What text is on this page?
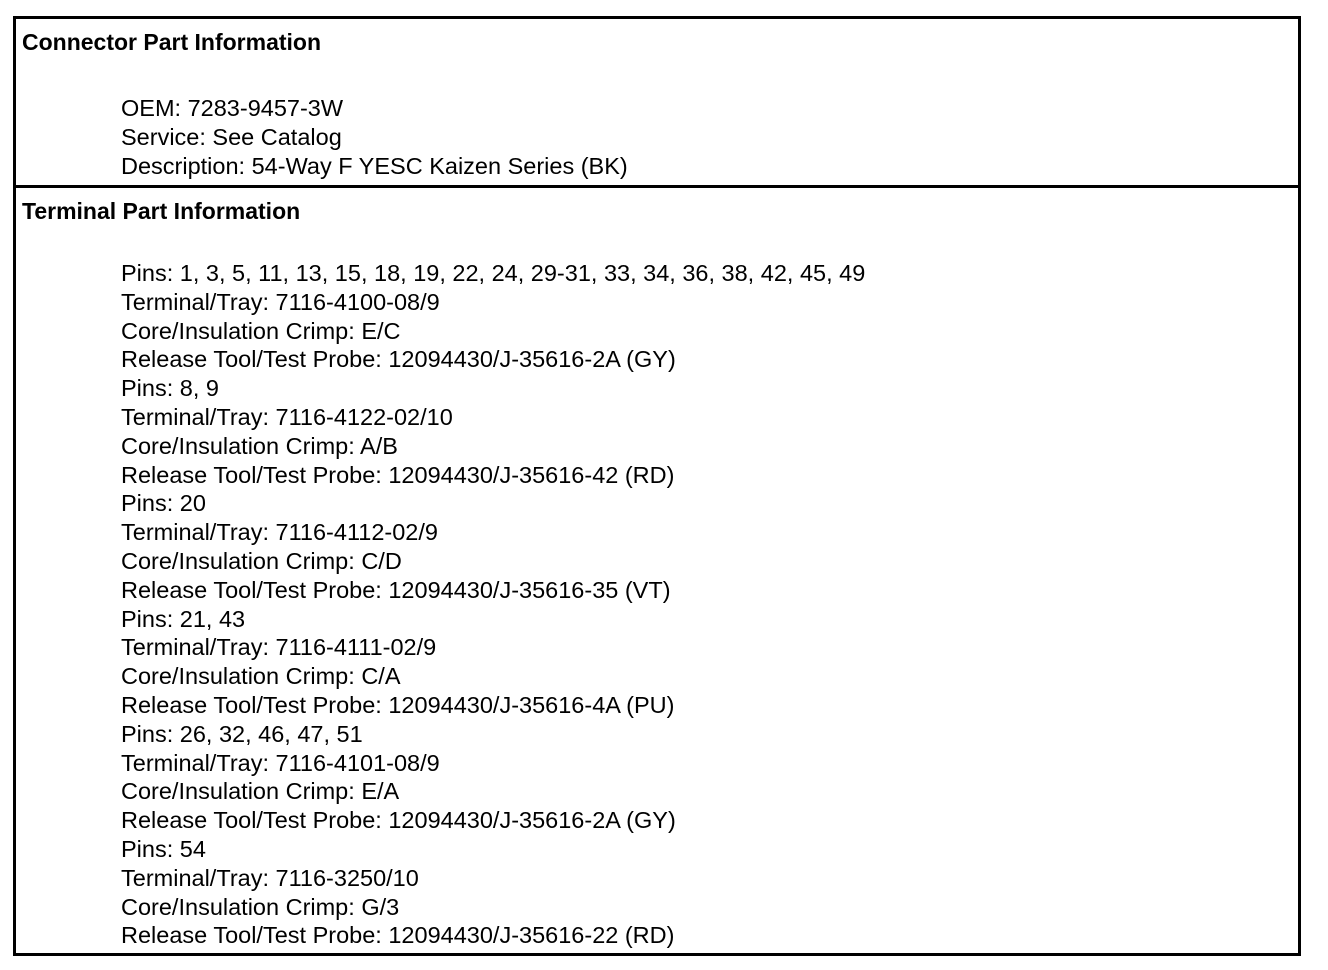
Connector Part Information
OEM: 7283-9457-3W
Service: See Catalog
Description: 54-Way F YESC Kaizen Series (BK)
Terminal Part Information
Pins: 1, 3, 5, 11, 13, 15, 18, 19, 22, 24, 29-31, 33, 34, 36, 38, 42, 45, 49
Terminal/Tray: 7116-4100-08/9
Core/Insulation Crimp: E/C
Release Tool/Test Probe: 12094430/J-35616-2A (GY)
Pins: 8, 9
Terminal/Tray: 7116-4122-02/10
Core/Insulation Crimp: A/B
Release Tool/Test Probe: 12094430/J-35616-42 (RD)
Pins: 20
Terminal/Tray: 7116-4112-02/9
Core/Insulation Crimp: C/D
Release Tool/Test Probe: 12094430/J-35616-35 (VT)
Pins: 21, 43
Terminal/Tray: 7116-4111-02/9
Core/Insulation Crimp: C/A
Release Tool/Test Probe: 12094430/J-35616-4A (PU)
Pins: 26, 32, 46, 47, 51
Terminal/Tray: 7116-4101-08/9
Core/Insulation Crimp: E/A
Release Tool/Test Probe: 12094430/J-35616-2A (GY)
Pins: 54
Terminal/Tray: 7116-3250/10
Core/Insulation Crimp: G/3
Release Tool/Test Probe: 12094430/J-35616-22 (RD)
